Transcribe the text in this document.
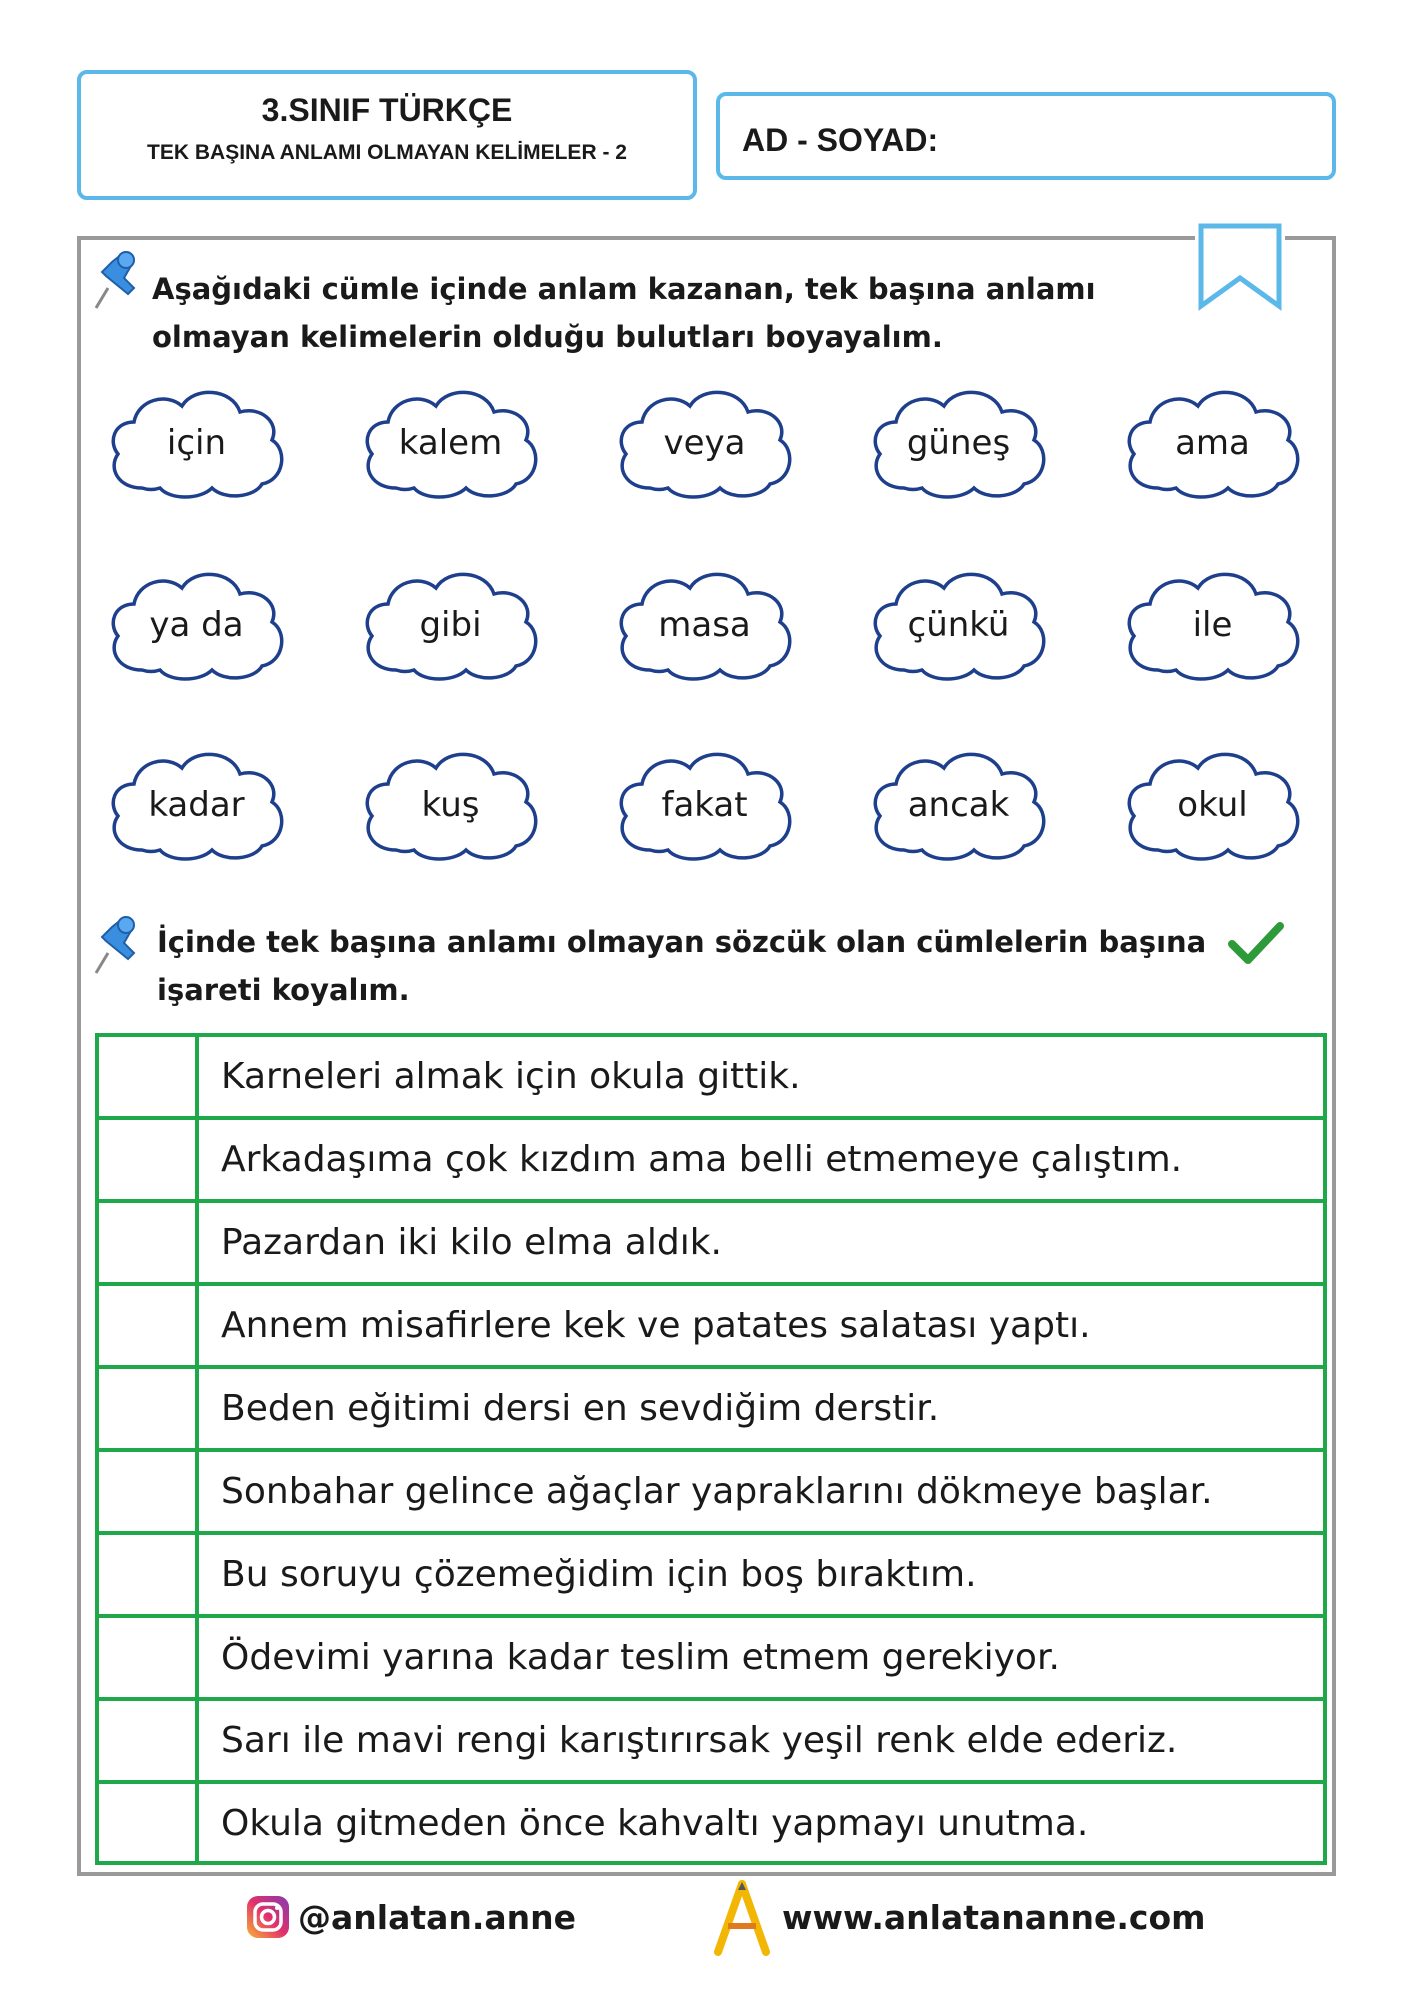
3.SINIF TÜRKÇE
TEK BAŞINA ANLAMI OLMAYAN KELİMELER - 2	AD - SOYAD:
Aşağıdaki cümle içinde anlam kazanan, tek başına anlamı
olmayan kelimelerin olduğu bulutları boyayalım.
için	kalem	veya	güneş	ama
ya da	gibi	masa	çünkü	ile
kadar	kuş	fakat	ancak	okul
İçinde tek başına anlamı olmayan sözcük olan cümlelerin başına
işareti koyalım.
Karneleri almak için okula gittik.
Arkadaşıma çok kızdım ama belli etmemeye çalıştım.
Pazardan iki kilo elma aldık.
Annem misafirlere kek ve patates salatası yaptı.
Beden eğitimi dersi en sevdiğim derstir.
Sonbahar gelince ağaçlar yapraklarını dökmeye başlar.
Bu soruyu çözemeğidim için boş bıraktım.
Ödevimi yarına kadar teslim etmem gerekiyor.
Sarı ile mavi rengi karıştırırsak yeşil renk elde ederiz.
Okula gitmeden önce kahvaltı yapmayı unutma.
@anlatan.anne	www.anlatananne.com
